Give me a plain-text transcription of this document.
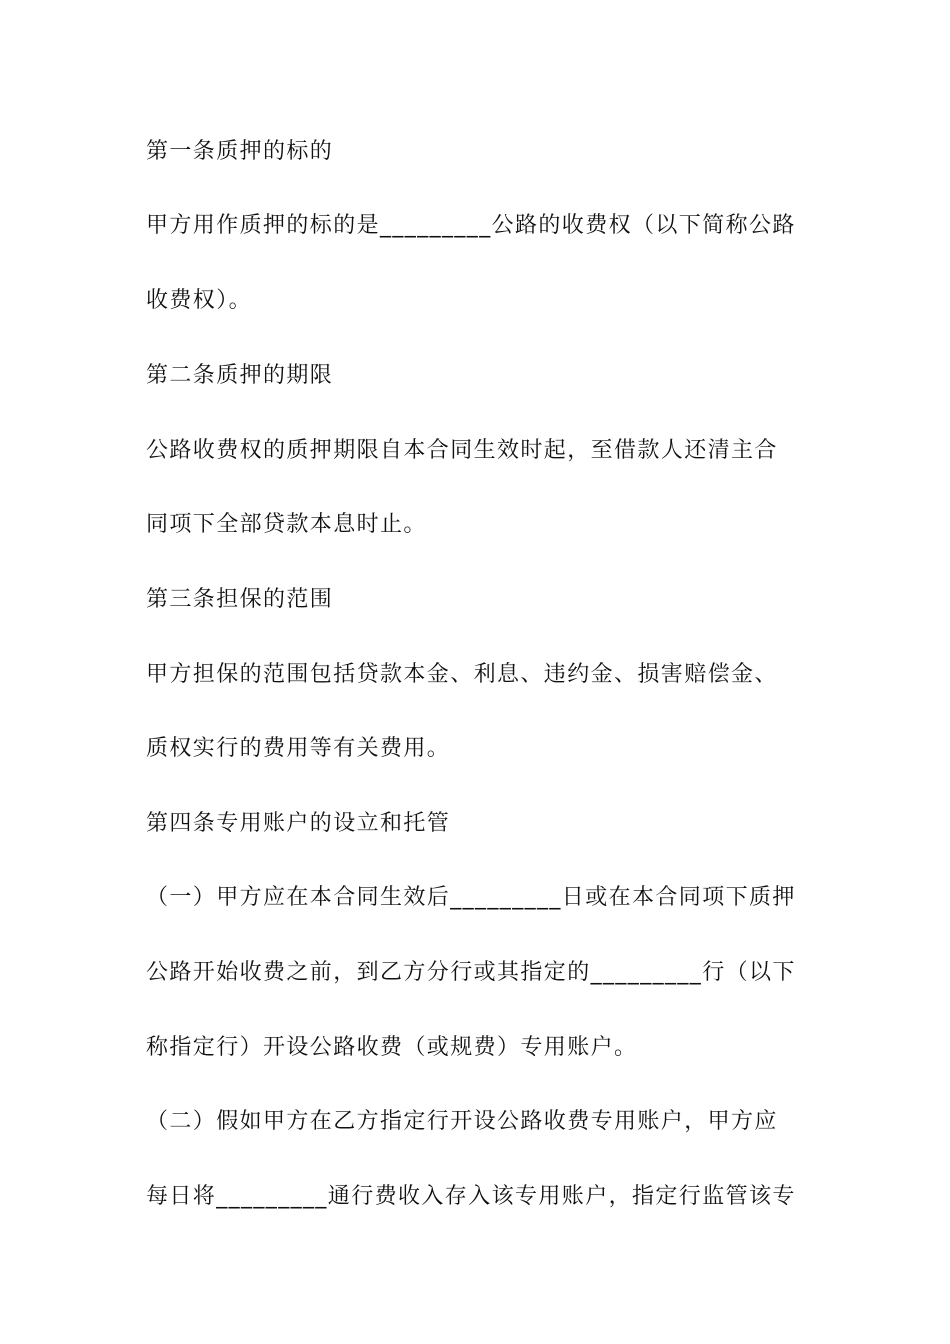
第一条质押的标的
甲方用作质押的标的是_________公路的收费权（以下简称公路
收费权）。
第二条质押的期限
公路收费权的质押期限自本合同生效时起，至借款人还清主合
同项下全部贷款本息时止。
第三条担保的范围
甲方担保的范围包括贷款本金、利息、违约金、损害赔偿金、
质权实行的费用等有关费用。
第四条专用账户的设立和托管
（一）甲方应在本合同生效后_________日或在本合同项下质押
公路开始收费之前，到乙方分行或其指定的_________行（以下
称指定行）开设公路收费（或规费）专用账户。
（二）假如甲方在乙方指定行开设公路收费专用账户，甲方应
每日将_________通行费收入存入该专用账户，指定行监管该专
